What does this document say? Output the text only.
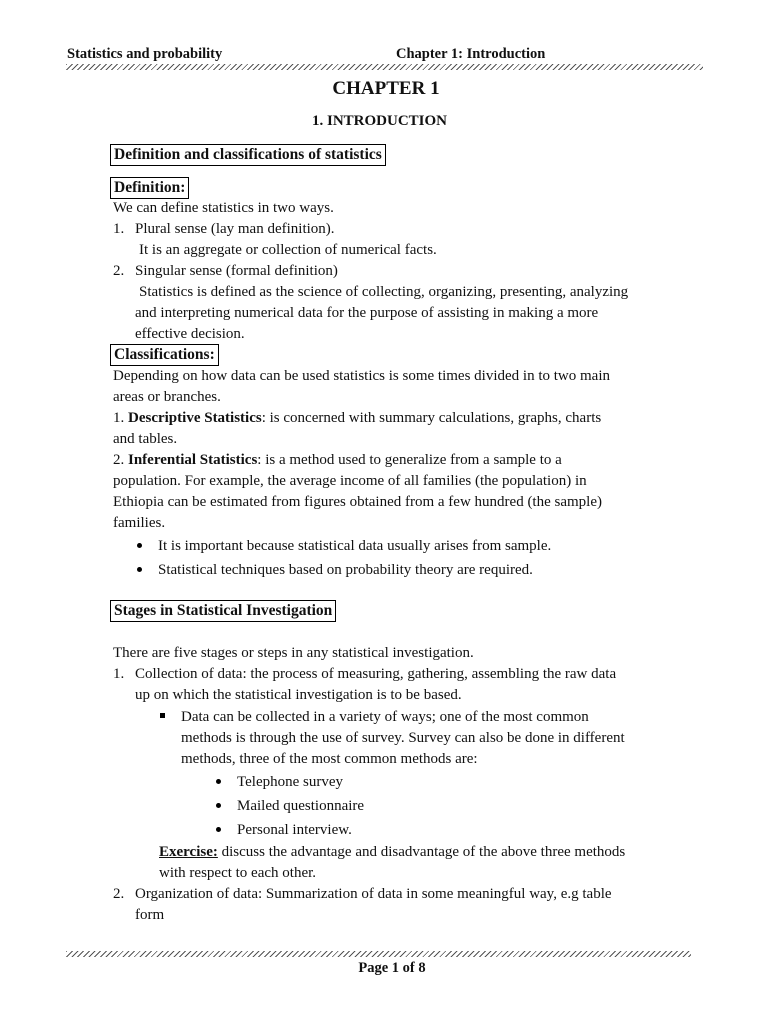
Statistics and probability	Chapter 1: Introduction
CHAPTER 1
1. INTRODUCTION
Definition and classifications of statistics
Definition:
We can define statistics in two ways.
1. Plural sense (lay man definition).
It is an aggregate or collection of numerical facts.
2. Singular sense (formal definition)
Statistics is defined as the science of collecting, organizing, presenting, analyzing
and interpreting numerical data for the purpose of assisting in making a more
effective decision.
Classifications:
Depending on how data can be used statistics is some times divided in to two main
areas or branches.
1. Descriptive Statistics: is concerned with summary calculations, graphs, charts
and tables.
2. Inferential Statistics: is a method used to generalize from a sample to a
population. For example, the average income of all families (the population) in
Ethiopia can be estimated from figures obtained from a few hundred (the sample)
families.
It is important because statistical data usually arises from sample.
Statistical techniques based on probability theory are required.
Stages in Statistical Investigation
There are five stages or steps in any statistical investigation.
1. Collection of data: the process of measuring, gathering, assembling the raw data
up on which the statistical investigation is to be based.
Data can be collected in a variety of ways; one of the most common
methods is through the use of survey. Survey can also be done in different
methods, three of the most common methods are:
Telephone survey
Mailed questionnaire
Personal interview.
Exercise: discuss the advantage and disadvantage of the above three methods
with respect to each other.
2. Organization of data: Summarization of data in some meaningful way, e.g table
form
Page 1 of 8
